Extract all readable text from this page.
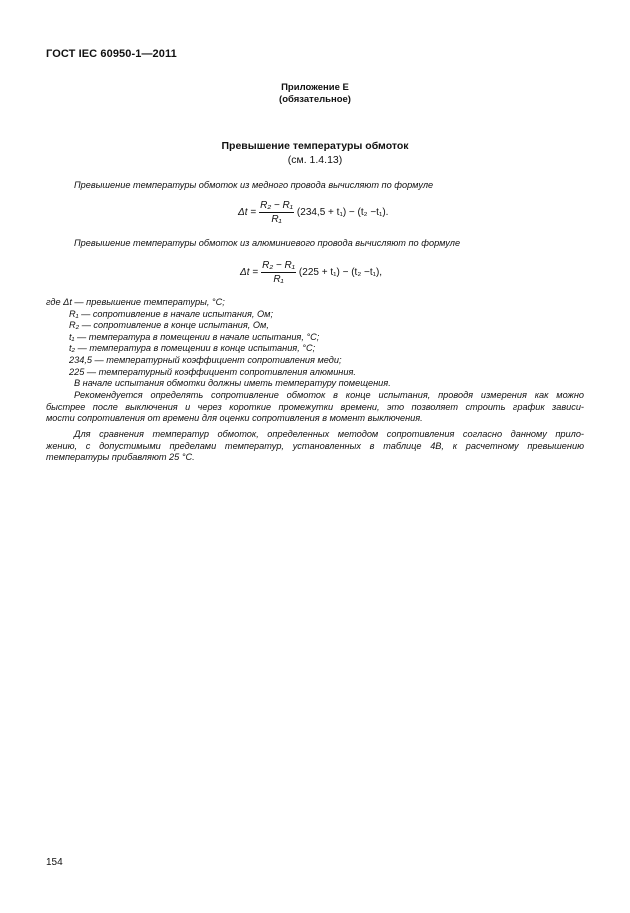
ГОСТ IEC 60950-1—2011
Приложение Е
(обязательное)
Превышение температуры обмоток
(см. 1.4.13)
Превышение температуры обмоток из медного провода вычисляют по формуле
$\Delta t = \frac{\text{R₂ − R₁}}{\text{R₁}} (234,5 + t_1) - (t_2 -t_1)$.
Превышение температуры обмоток из алюминиевого провода вычисляют по формуле
$\Delta t = \frac{\text{R₂ − R₁}}{\text{R₁}} (225 + t_1) - (t_2 -t_1)$,
где Δt — превышение температуры, °С;
R₁ — сопротивление в начале испытания, Ом;
R₂ — сопротивление в конце испытания, Ом,
t₁ — температура в помещении в начале испытания, °С;
t₂ — температура в помещении в конце испытания, °С;
234,5 — температурный коэффициент сопротивления меди;
225 — температурный коэффициент сопротивления алюминия.
В начале испытания обмотки должны иметь температуру помещения.
Рекомендуется определять сопротивление обмоток в конце испытания, проводя измерения как можно
быстрее после выключения и через короткие промежутки времени, это позволяет строить график зависи-
мости сопротивления от времени для оценки сопротивления в момент выключения.
Для сравнения температур обмоток, определенных методом сопротивления согласно данному прило-
жению, с допустимыми пределами температур, установленных в таблице 4В, к расчетному превышению
температуры прибавляют 25 °С.
154
